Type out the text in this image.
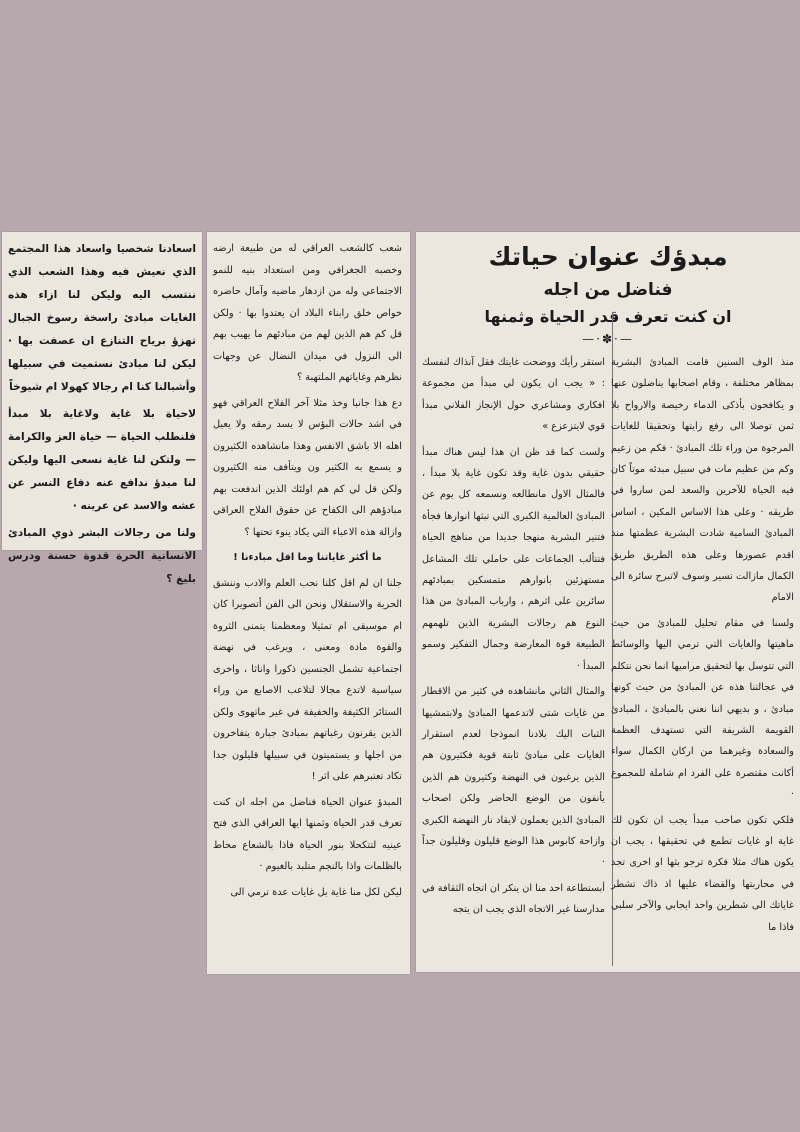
اسعادنا شخصيا واسعاد هذا المجتمع الذي نعيش فيه وهذا الشعب الذي ننتسب اليه وليكن لنا ازاء هذه الغايات مبادئ راسخة رسوخ الجبال تهزؤ برياح التنازع ان عصفت بها · ليكن لنا مبادئ نستميت في سبيلها وأشبالنا كنا ام رجالا كهولا ام شيوخاً

لاحياة بلا غاية ولاغاية بلا مبدأ فلنطلب الحياة — حياة العز والكرامة — ولتكن لنا غاية نسعى اليها وليكن لنا مبدؤ ندافع عنه دفاع النسر عن عشه والاسد عن عرينه ·

ولنا من رجالات البشر ذوي المبادئ الانسانية الحرة قدوة حسنة ودرس بليغ ؟

شعب كالشعب العراقي له من طبيعة ارضه وخصبه الجغرافي ومن استعداد بنيه للنمو الاجتماعي وله من ازدهار ماضيه وآمال حاضره خواص خلق رابناء البلاد ان يعتدوا بها · ولكن قل كم هم الذين لهم من مبادئهم ما يهيب بهم الى النزول في ميدان النضال عن وجهات نظرهم وغاياتهم الملتهبة ؟

دع هذا جانبا وخذ مثلا آخر الفلاح العراقي فهو في اشد حالات البؤس لا يسد رمقه ولا يعيل اهله الا باشق الانفس وهذا مانشاهده الكثيرون و يسمع به الكثير ون ويتأفف منه الكثيرون ولكن قل لي كم هم اولئك الذين اندفعت بهم مبادؤهم الى الكفاح عن حقوق الفلاح العراقي وازالة هذه الاعباء التي يكاد ينوء تحتها ؟

ما أكثر غاياتنا وما اقل مبادءنا !

جلنا ان لم اقل كلنا نحب العلم والادب وننشق الحرية والاستقلال ونحن الى الفن أتصويرا كان ام موسيقى ام تمثيلا ومعظمنا يتمنى الثروة والقوة مادة ومعنى ، ويرغب في نهضة اجتماعية تشمل الجنسين ذكورا واناثا ، واخرى سياسية لاتدع مجالا لتلاعب الاصابع من وراء الستائر الكثيفة والخفيفة في غير ماتهوى ولكن الذين يقرنون رغباتهم بمبادئ جبارة يتفاخرون من اجلها و يستميتون في سبيلها قليلون جدا تكاد تعتبرهم على اثر !

المبدؤ عنوان الحياة فناضل من اجله ان كنت تعرف قدر الحياة وثمنها ايها العراقي الذي فتح عينيه لتتكحلا بنور الحياة فاذا بالشعاع محاط بالظلمات واذا بالنجم متلبد بالغيوم ·

ليكن لكل منا غاية بل غايات عدة ترمي الى

مبدؤك عنوان حياتك
فناضل من اجله
ان كنت تعرف قدر الحياة وثمنها
—·✽·—

منذ الوف السنين قامت المبادئ البشرية بمظاهر مختلفة ، وقام اصحابها يناضلون عنها و يكافحون بأذكى الدماء رخيصة والارواح بلا ثمن توصلا الى رفع رايتها وتحقيقا للغايات المرجوة من وراء تلك المبادئ · فكم من زعيم وكم من عظيم مات في سبيل مبدئه موتاً كان فيه الحياة للآخرين والسعد لمن ساروا في طريقه · وعلى هذا الاساس المكين ، اساس المبادئ السامية شادت البشرية عظمتها منذ اقدم عصورها وعلى هذه الطريق طريق الكمال مازالت تسير وسوف لاتبرح سائرة الى الامام

ولسنا في مقام تحليل للمبادئ من حيث ماهيتها والغايات التي ترمي اليها والوسائط التي تتوسل بها لتحقيق مراميها انما نحن نتكلم في عجالتنا هذه عن المبادئ من حيث كونها مبادئ ، و بديهي اننا نعني بالمبادئ ، المبادئ القويمة الشريفة التي تستهدف العظمة والسعادة وغيرهما من اركان الكمال سواء أكانت مقتصرة على الفرد ام شاملة للمجموع ·

فلكي تكون صاحب مبدأ يجب ان تكون لك غاية او غايات تطمع في تحقيقها ، يجب ان يكون هناك مثلا فكرة ترجو بثها او اخرى تجد في محاربتها والقضاء عليها اذ ذاك تشطر غاياتك الى شطرين واحد ايجابي والآخر سلبي فاذا ما

استقر رأيك ووضحت غايتك فقل آنذاك لنفسك : « يجب ان يكون لي مبدأ من مجموعة افكاري ومشاعري حول الإنجاز الفلاني مبدأ قوي لايتزعزع »

ولست كما قد ظن ان هذا ليس هناك مبدأ حقيقي بدون غاية وقد تكون غاية بلا مبدأ ، فالمثال الاول مانطالعه ونسمعه كل يوم عن المبادئ العالمية الكبرى التي تبثها انوارها فجأة فتنير البشرية منهجا جديدا من مناهج الحياة فتتألب الجماعات على حاملي تلك المشاعل مستهزئين بانوارهم متمسكين بمبادئهم سائرين على اثرهم ، وارباب المبادئ من هذا النوع هم رجالات البشرية الذين تلهمهم الطبيعة قوة المعارضة وجمال التفكير وسمو المبدأ ·

والمثال الثاني مانشاهده في كثير من الاقطار من غايات شتى لاتدعمها المبادئ ولابتمشيها الثبات اليك بلادنا انموذجا لعدم استقرار الغايات على مبادئ ثابتة قوية فكثيرون هم الذين يرغبون في النهضة وكثيرون هم الذين يأنفون من الوضع الحاضر ولكن اصحاب المبادئ الذين يعملون لايقاد نار النهضة الكبرى وازاحة كابوس هذا الوضع قليلون وقليلون جداً ·

أبستطاعة احد منا ان ينكر ان اتجاه الثقافة في مدارسنا غير الاتجاه الذي يجب ان يتجه
